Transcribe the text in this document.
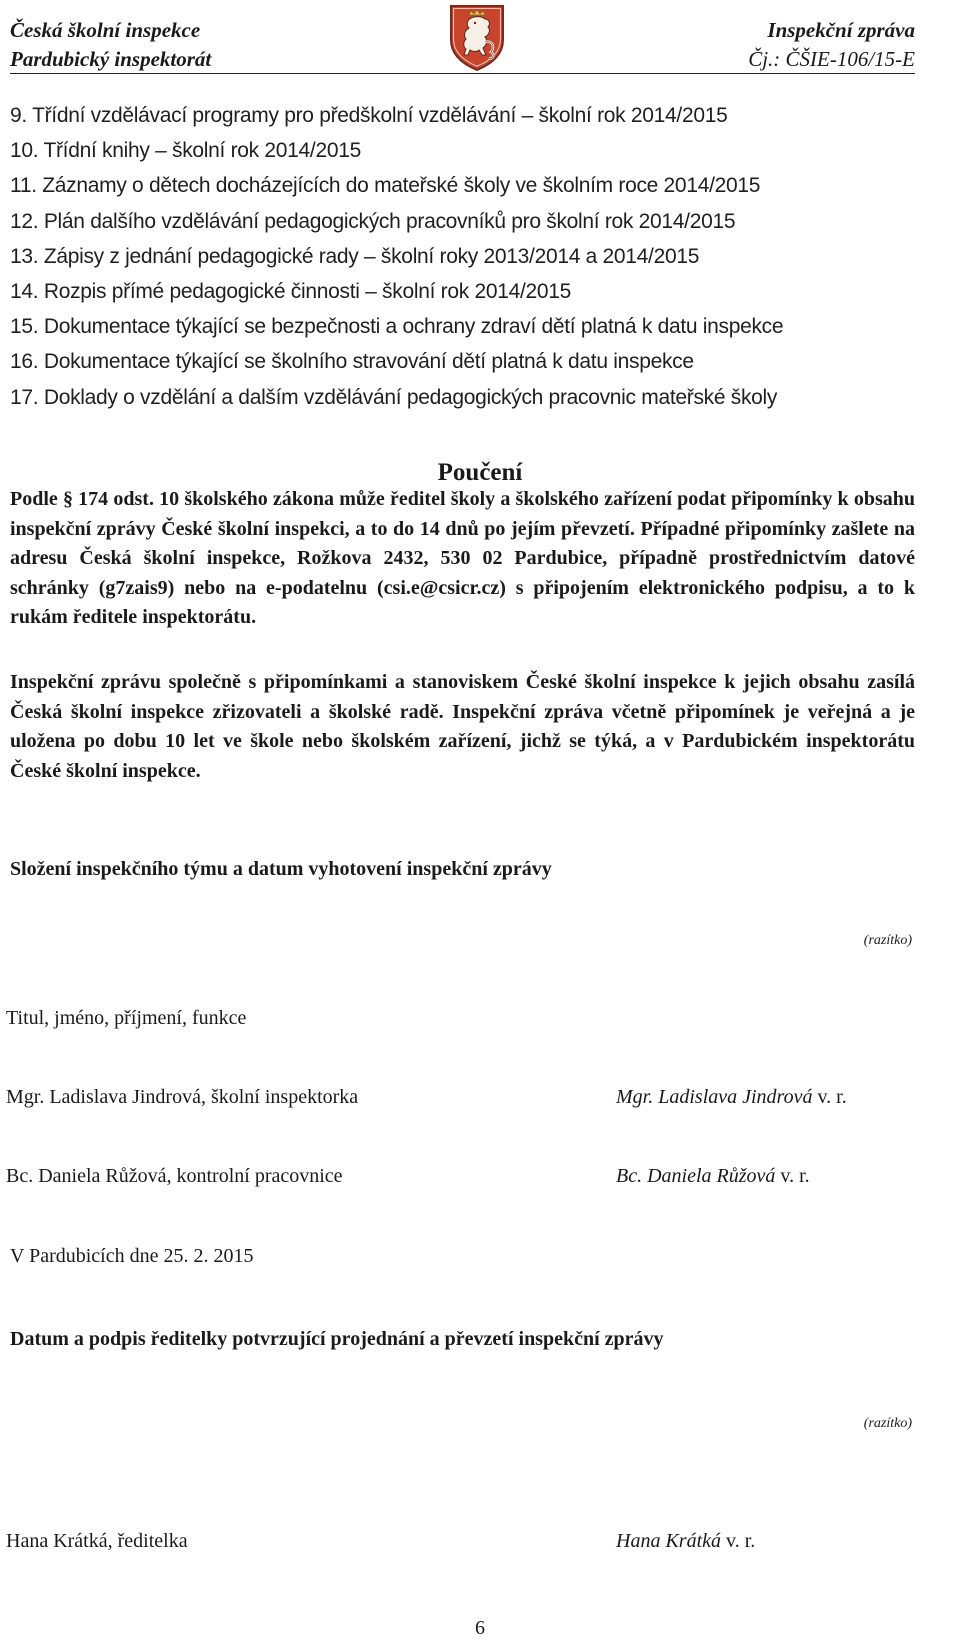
Česká školní inspekce
Pardubický inspektorát
Inspekční zpráva
Čj.: ČŠIE-106/15-E
9. Třídní vzdělávací programy pro předškolní vzdělávání – školní rok 2014/2015
10. Třídní knihy – školní rok 2014/2015
11. Záznamy o dětech docházejících do mateřské školy ve školním roce 2014/2015
12. Plán dalšího vzdělávání pedagogických pracovníků pro školní rok 2014/2015
13. Zápisy z jednání pedagogické rady – školní roky 2013/2014 a 2014/2015
14. Rozpis přímé pedagogické činnosti – školní rok 2014/2015
15. Dokumentace týkající se bezpečnosti a ochrany zdraví dětí platná k datu inspekce
16. Dokumentace týkající se školního stravování dětí platná k datu inspekce
17. Doklady o vzdělání a dalším vzdělávání pedagogických pracovnic mateřské školy
Poučení
Podle § 174 odst. 10 školského zákona může ředitel školy a školského zařízení podat připomínky k obsahu inspekční zprávy České školní inspekci, a to do 14 dnů po jejím převzetí. Případné připomínky zašlete na adresu Česká školní inspekce, Rožkova 2432, 530 02 Pardubice, případně prostřednictvím datové schránky (g7zais9) nebo na e-podatelnu (csi.e@csicr.cz) s připojením elektronického podpisu, a to k rukám ředitele inspektorátu.
Inspekční zprávu společně s připomínkami a stanoviskem České školní inspekce k jejich obsahu zasílá Česká školní inspekce zřizovateli a školské radě. Inspekční zpráva včetně připomínek je veřejná a je uložena po dobu 10 let ve škole nebo školském zařízení, jichž se týká, a v Pardubickém inspektorátu České školní inspekce.
Složení inspekčního týmu a datum vyhotovení inspekční zprávy
(razítko)
Titul, jméno, příjmení, funkce
Mgr. Ladislava Jindrová, školní inspektorka	Mgr. Ladislava Jindrová v. r.
Bc. Daniela Růžová, kontrolní pracovnice	Bc. Daniela Růžová v. r.
V Pardubicích dne 25. 2. 2015
Datum a podpis ředitelky potvrzující projednání a převzetí inspekční zprávy
(razítko)
Hana Krátká, ředitelka	Hana Krátká v. r.
6
